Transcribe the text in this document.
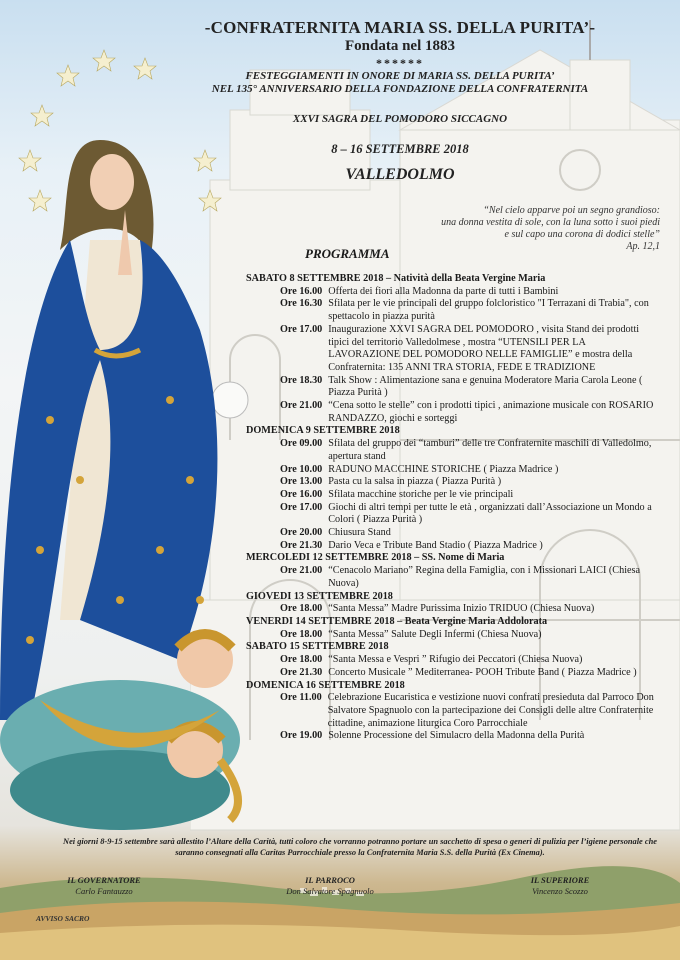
-CONFRATERNITA MARIA SS. DELLA PURITA’-
Fondata nel 1883
******
FESTEGGIAMENTI IN ONORE DI MARIA SS. DELLA PURITA’
NEL 135° ANNIVERSARIO DELLA FONDAZIONE DELLA CONFRATERNITA
XXVI SAGRA DEL POMODORO SICCAGNO
8 – 16 SETTEMBRE 2018
VALLEDOLMO
“Nel cielo apparve poi un segno grandioso:
una donna vestita di sole, con la luna sotto i suoi piedi
e sul capo una corona di dodici stelle”
Ap. 12,1
PROGRAMMA
SABATO 8 SETTEMBRE 2018 – Natività della Beata Vergine Maria
Ore 16.00 Offerta dei fiori alla Madonna da parte di tutti i Bambini
Ore 16.30 Sfilata per le vie principali del gruppo folcloristico "I Terrazani di Trabia", con spettacolo in piazza purità
Ore 17.00 Inaugurazione XXVI SAGRA DEL POMODORO , visita Stand dei prodotti tipici del territorio Valledolmese , mostra “UTENSILI PER LA LAVORAZIONE DEL POMODORO NELLE FAMIGLIE” e mostra della Confraternita: 135 ANNI TRA STORIA, FEDE E TRADIZIONE
Ore 18.30 Talk Show : Alimentazione sana e genuina Moderatore Maria Carola Leone ( Piazza Purità )
Ore 21.00 “Cena sotto le stelle” con i prodotti tipici , animazione musicale con ROSARIO RANDAZZO, giochi e sorteggi
DOMENICA 9 SETTEMBRE 2018
Ore 09.00 Sfilata del gruppo dei “tamburi” delle tre Confraternite maschili di Valledolmo, apertura stand
Ore 10.00 RADUNO MACCHINE STORICHE ( Piazza Madrice )
Ore 13.00 Pasta cu la salsa in piazza ( Piazza Purità )
Ore 16.00 Sfilata macchine storiche per le vie principali
Ore 17.00 Giochi di altri tempi per tutte le età , organizzati dall’Associazione un Mondo a Colori ( Piazza Purità )
Ore 20.00 Chiusura Stand
Ore 21.30 Dario Veca e Tribute Band Stadio ( Piazza Madrice )
MERCOLEDI 12 SETTEMBRE 2018 – SS. Nome di Maria
Ore 21.00 “Cenacolo Mariano” Regina della Famiglia, con i Missionari LAICI (Chiesa Nuova)
GIOVEDI 13 SETTEMBRE 2018
Ore 18.00 “Santa Messa” Madre Purissima Inizio TRIDUO (Chiesa Nuova)
VENERDI 14 SETTEMBRE 2018 – Beata Vergine Maria Addolorata
Ore 18.00 “Santa Messa” Salute Degli Infermi (Chiesa Nuova)
SABATO 15 SETTEMBRE 2018
Ore 18.00 “Santa Messa e Vespri ” Rifugio dei Peccatori (Chiesa Nuova)
Ore 21.30 Concerto Musicale ” Mediterranea- POOH Tribute Band ( Piazza Madrice )
DOMENICA 16 SETTEMBRE 2018
Ore 11.00 Celebrazione Eucaristica e vestizione nuovi confrati presieduta dal Parroco Don Salvatore Spagnuolo con la partecipazione dei Consigli delle altre Confraternite cittadine, animazione liturgica Coro Parrocchiale
Ore 19.00 Solenne Processione del Simulacro della Madonna della Purità
Nei giorni 8-9-15 settembre sarà allestito l’Altare della Carità, tutti coloro che vorranno potranno portare un sacchetto di spesa o generi di pulizia per l’igiene personale che saranno consegnati alla Caritas Parrocchiale presso la Confraternita Maria S.S. della Purità (Ex Cinema).
IL GOVERNATORE
Carlo Fantauzzo
IL PARROCO
Don Salvatore Spagnuolo
IL SUPERIORE
Vincenzo Scozzo
AVVISO SACRO
